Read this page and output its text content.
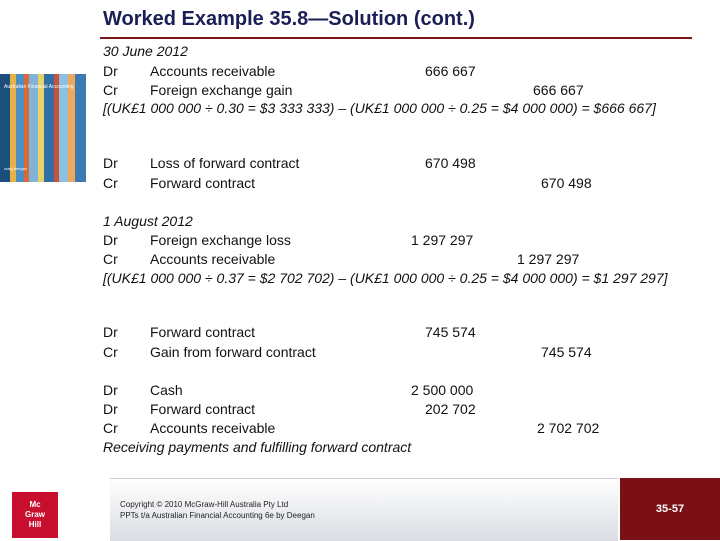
Worked Example 35.8—Solution (cont.)
Australian Financial Accounting
craig deegan
30 June 2012
Dr Accounts receivable	666 667
Cr Foreign exchange gain	666 667
[(UK£1 000 000 ÷ 0.30 = $3 333 333) – (UK£1 000 000 ÷ 0.25 = $4 000 000) = $666 667]
Dr Loss of forward contract	670 498
Cr Forward contract	670 498
1 August 2012
Dr Foreign exchange loss	1 297 297
Cr Accounts receivable	1 297 297
[(UK£1 000 000 ÷ 0.37 = $2 702 702) – (UK£1 000 000 ÷ 0.25 = $4 000 000) = $1 297 297]
Dr Forward contract	745 574
Cr Gain from forward contract	745 574
Dr Cash	2 500 000
Dr Forward contract	202 702
Cr Accounts receivable	2 702 702
Receiving payments and fulfilling forward contract
Mc
Graw
Hill
Copyright © 2010 McGraw-Hill Australia Pty Ltd
PPTs t/a Australian Financial Accounting 6e by Deegan
35-57
